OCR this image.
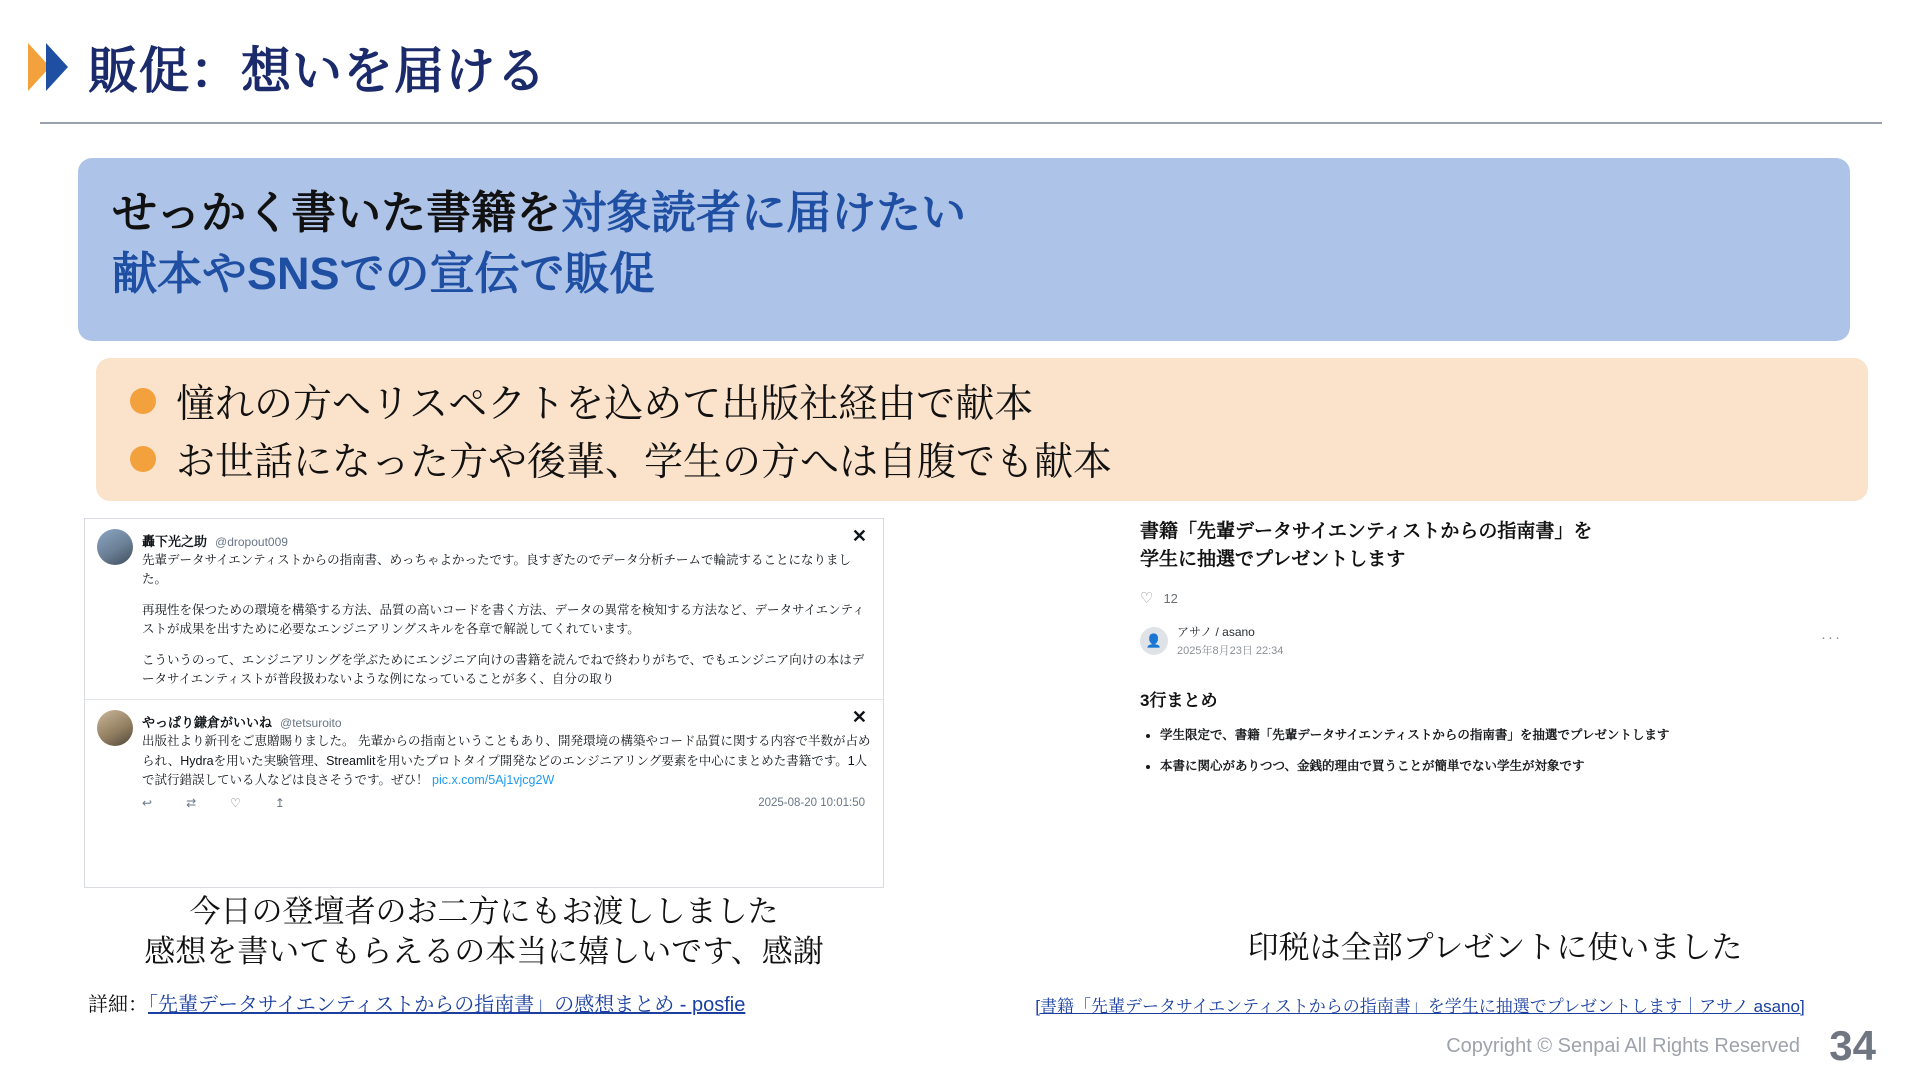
販促：想いを届ける
せっかく書いた書籍を対象読者に届けたい
献本やSNSでの宣伝で販促
憧れの方へリスペクトを込めて出版社経由で献本
お世話になった方や後輩、学生の方へは自腹でも献本
✕
轟下光之助 @dropout009

先輩データサイエンティストからの指南書、めっちゃよかったです。良すぎたのでデータ分析チームで輪読することになりました。

再現性を保つための環境を構築する方法、品質の高いコードを書く方法、データの異常を検知する方法など、データサイエンティストが成果を出すために必要なエンジニアリングスキルを各章で解説してくれています。

こういうのって、エンジニアリングを学ぶためにエンジニア向けの書籍を読んでねで終わりがちで、でもエンジニア向けの本はデータサイエンティストが普段扱わないような例になっていることが多く、自分の取り

✕
やっぱり鎌倉がいいね @tetsuroito
出版社より新刊をご恵贈賜りました。 先輩からの指南ということもあり、開発環境の構築やコード品質に関する内容で半数が占められ、Hydraを用いた実験管理、Streamlitを用いたプロトタイプ開発などのエンジニアリング要素を中心にまとめた書籍です。1人で試行錯誤している人などは良さそうです。ぜひ！ pic.x.com/5Aj1vjcg2W
↩	⇄	♡	↥	2025-08-20 10:01:50
書籍「先輩データサイエンティストからの指南書」を学生に抽選でプレゼントします
♡ 12
👤
アサノ / asano
2025年8月23日 22:34
···
3行まとめ
• 学生限定で、書籍「先輩データサイエンティストからの指南書」を抽選でプレゼントします
• 本書に関心がありつつ、金銭的理由で買うことが簡単でない学生が対象です
今日の登壇者のお二方にもお渡ししました
感想を書いてもらえるの本当に嬉しいです、感謝	印税は全部プレゼントに使いました
詳細：「先輩データサイエンティストからの指南書」の感想まとめ - posfie	[書籍「先輩データサイエンティストからの指南書」を学生に抽選でプレゼントします｜アサノ asano]
Copyright © Senpai All Rights Reserved 34
